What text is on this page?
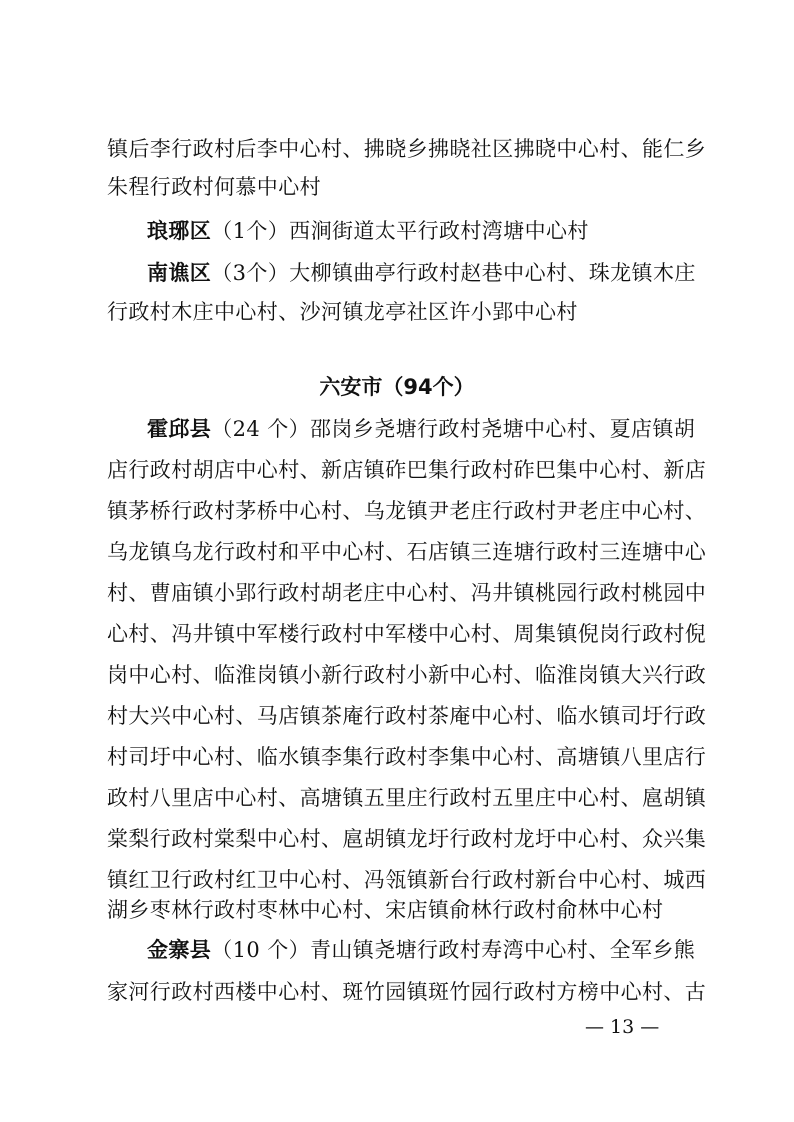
镇后李行政村后李中心村、拂晓乡拂晓社区拂晓中心村、能仁乡
朱程行政村何慕中心村
琅琊区（1个）西涧街道太平行政村湾塘中心村
南谯区（3个）大柳镇曲亭行政村赵巷中心村、珠龙镇木庄
行政村木庄中心村、沙河镇龙亭社区许小郢中心村
六安市（94个）
霍邱县（24 个）邵岗乡尧塘行政村尧塘中心村、夏店镇胡
店行政村胡店中心村、新店镇砟巴集行政村砟巴集中心村、新店
镇茅桥行政村茅桥中心村、乌龙镇尹老庄行政村尹老庄中心村、
乌龙镇乌龙行政村和平中心村、石店镇三连塘行政村三连塘中心
村、曹庙镇小郢行政村胡老庄中心村、冯井镇桃园行政村桃园中
心村、冯井镇中军楼行政村中军楼中心村、周集镇倪岗行政村倪
岗中心村、临淮岗镇小新行政村小新中心村、临淮岗镇大兴行政
村大兴中心村、马店镇茶庵行政村茶庵中心村、临水镇司圩行政
村司圩中心村、临水镇李集行政村李集中心村、高塘镇八里店行
政村八里店中心村、高塘镇五里庄行政村五里庄中心村、扈胡镇
棠梨行政村棠梨中心村、扈胡镇龙圩行政村龙圩中心村、众兴集
镇红卫行政村红卫中心村、冯瓴镇新台行政村新台中心村、城西
湖乡枣林行政村枣林中心村、宋店镇俞林行政村俞林中心村
金寨县（10 个）青山镇尧塘行政村寿湾中心村、全军乡熊
家河行政村西楼中心村、斑竹园镇斑竹园行政村方榜中心村、古
— 13 —
